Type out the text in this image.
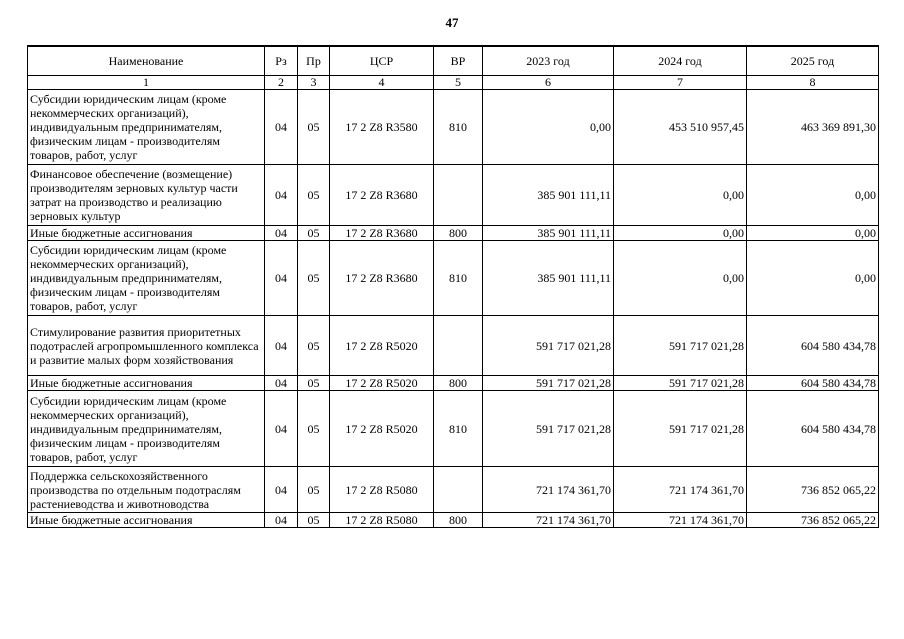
47
Наименование	Рз	Пр	ЦСР	ВР	2023 год	2024 год	2025 год
1	2	3	4	5	6	7	8
Субсидии юридическим лицам (кроме некоммерческих организаций), индивидуальным предпринимателям, физическим лицам - производителям товаров, работ, услуг	04	05	17 2 Z8 R3580	810	0,00	453 510 957,45	463 369 891,30
Финансовое обеспечение (возмещение) производителям зерновых культур части затрат на производство и реализацию зерновых культур	04	05	17 2 Z8 R3680		385 901 111,11	0,00	0,00
Иные бюджетные ассигнования	04	05	17 2 Z8 R3680	800	385 901 111,11	0,00	0,00
Субсидии юридическим лицам (кроме некоммерческих организаций), индивидуальным предпринимателям, физическим лицам - производителям товаров, работ, услуг	04	05	17 2 Z8 R3680	810	385 901 111,11	0,00	0,00
Стимулирование развития приоритетных подотраслей агропромышленного комплекса и развитие малых форм хозяйствования	04	05	17 2 Z8 R5020		591 717 021,28	591 717 021,28	604 580 434,78
Иные бюджетные ассигнования	04	05	17 2 Z8 R5020	800	591 717 021,28	591 717 021,28	604 580 434,78
Субсидии юридическим лицам (кроме некоммерческих организаций), индивидуальным предпринимателям, физическим лицам - производителям товаров, работ, услуг	04	05	17 2 Z8 R5020	810	591 717 021,28	591 717 021,28	604 580 434,78
Поддержка сельскохозяйственного производства по отдельным подотраслям растениеводства и животноводства	04	05	17 2 Z8 R5080		721 174 361,70	721 174 361,70	736 852 065,22
Иные бюджетные ассигнования	04	05	17 2 Z8 R5080	800	721 174 361,70	721 174 361,70	736 852 065,22
